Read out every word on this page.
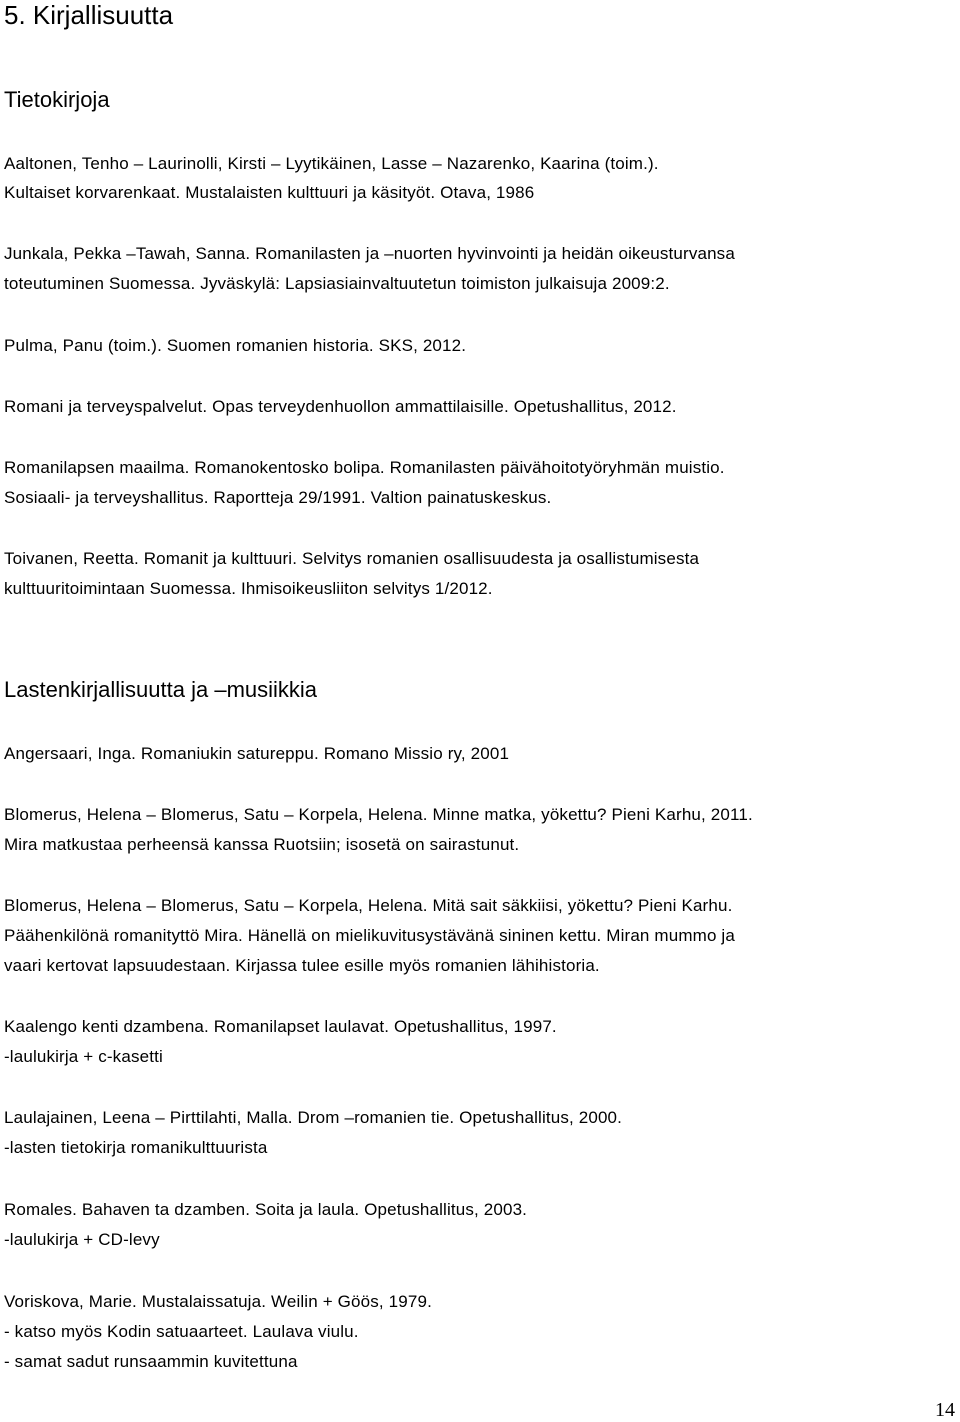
5. Kirjallisuutta
Tietokirjoja
Aaltonen, Tenho – Laurinolli, Kirsti – Lyytikäinen, Lasse – Nazarenko, Kaarina (toim.).
Kultaiset korvarenkaat. Mustalaisten kulttuuri ja käsityöt. Otava, 1986
Junkala, Pekka –Tawah, Sanna. Romanilasten ja –nuorten hyvinvointi ja heidän oikeusturvansa
toteutuminen Suomessa. Jyväskylä: Lapsiasiainvaltuutetun toimiston julkaisuja 2009:2.
Pulma, Panu (toim.). Suomen romanien historia. SKS, 2012.
Romani ja terveyspalvelut. Opas terveydenhuollon ammattilaisille. Opetushallitus, 2012.
Romanilapsen maailma. Romanokentosko bolipa. Romanilasten päivähoitotyöryhmän muistio.
Sosiaali- ja terveyshallitus. Raportteja 29/1991. Valtion painatuskeskus.
Toivanen, Reetta. Romanit ja kulttuuri. Selvitys romanien osallisuudesta ja osallistumisesta
kulttuuritoimintaan Suomessa. Ihmisoikeusliiton selvitys 1/2012.
Lastenkirjallisuutta ja –musiikkia
Angersaari, Inga. Romaniukin satureppu. Romano Missio ry, 2001
Blomerus, Helena – Blomerus, Satu – Korpela, Helena. Minne matka, yökettu? Pieni Karhu, 2011.
Mira matkustaa perheensä kanssa Ruotsiin; isosetä on sairastunut.
Blomerus, Helena – Blomerus, Satu – Korpela, Helena. Mitä sait säkkiisi, yökettu? Pieni Karhu.
Päähenkilönä romanityttö Mira. Hänellä on mielikuvitusystävänä sininen kettu. Miran mummo ja
vaari kertovat lapsuudestaan. Kirjassa tulee esille myös romanien lähihistoria.
Kaalengo kenti dzambena. Romanilapset laulavat. Opetushallitus, 1997.
-laulukirja + c-kasetti
Laulajainen, Leena – Pirttilahti, Malla. Drom –romanien tie. Opetushallitus, 2000.
-lasten tietokirja romanikulttuurista
Romales. Bahaven ta dzamben. Soita ja laula. Opetushallitus, 2003.
-laulukirja + CD-levy
Voriskova, Marie. Mustalaissatuja. Weilin + Göös, 1979.
- katso myös Kodin satuaarteet. Laulava viulu.
- samat sadut runsaammin kuvitettuna
14
